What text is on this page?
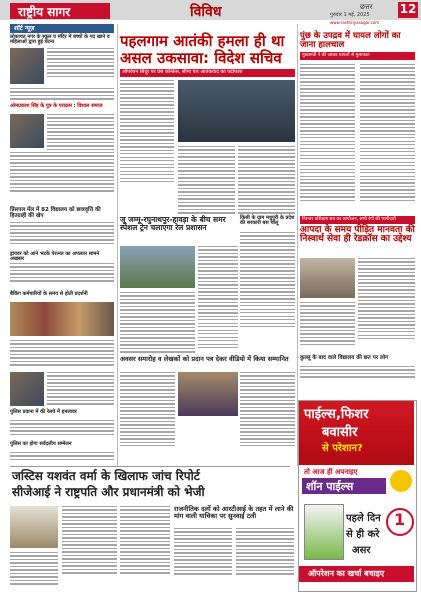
राष्ट्रीय सागर	विविध	छत्तर
गुरुवार 1 मई, 2025	12
www.rashtriyasagar.com
शॉर्ट न्यूज़
लोकायत नगर के स्कूल व मंदिर में बच्चों के पद खाने व महिलाओं द्वारा हुई घटना
ओमप्रकाश सिंह के पुत्र के पराक्रम : विशाल समाज
प्रिंसपल मेंल में 82 विद्यालय को छात्रवृत्ति की हितग्राही की खेप
ड्रायवर को आने भटके पेरत्नत का अपलाल सामने अखबार
बैकिंग कर्मचारियों के समय से होती प्रदर्शनी
पुलिस प्रवाना में की रेलवे में हमलावर
पुलिस का होगा सर्वदलीय सम्मेलन
पहलगाम आतंकी हमला ही था
असल उकसावा: विदेश सचिव
ऑपरेशन सिंदूर पर प्रेस कॉन्फ्रेंस, सीमा पार आतंकवाद का पर्दाफाश
पुंछ के उपद्रव में घायल लोगों का जाना हालचाल
मुख्यमंत्री ने की जाकर घायलों से मुलाकात
जू जम्मू-रघुनाथपुर-हावड़ा के बीच समर स्पेशल ट्रेन चलाएगा रेल प्रशासन
किसी के ग्राम मधुपुरी के प्रदेश की सरकारी बस चालू
निरन्तर प्रशिक्षण सत्र का आयोजन, सभी रंगों की भागीदारी
आपदा के समय पीड़ित मानवता की निस्वार्थ सेवा ही रेडक्रॉस का उद्देश्य
अवसर समारोह व लेखकों को प्रदान पत्र देकर वीडियो में किया सम्मानित	कुल्लू के बाद वाले विद्यालय की छत पर लोग
जस्टिस यशवंत वर्मा के खिलाफ जांच रिपोर्ट
सीजेआई ने राष्ट्रपति और प्रधानमंत्री को भेजी
राजनीतिक दलों को आरटीआई के तहत में लाने की मांग वाली याचिका पर सुनवाई टली
पाईल्स,फिशर
बवासीर
से परेशान?
तो आज ही अपनाइए
शॉन पाईल्स
पहले दिन
से ही करे
असर
1
ऑपरेशन का खर्चा बचाइए
